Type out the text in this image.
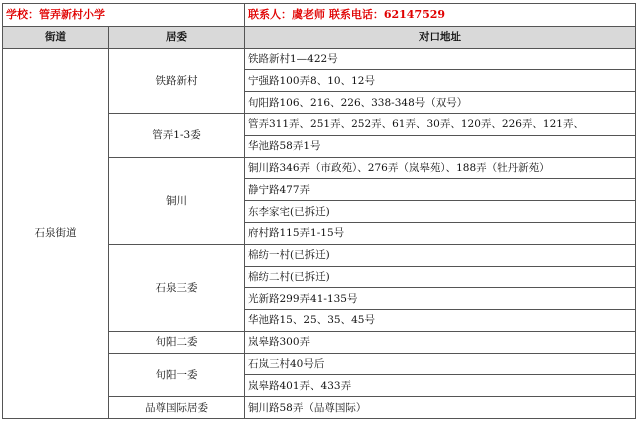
学校：管弄新村小学		联系人：虞老师 联系电话：62147529
街道	居委	对口地址
石泉街道	铁路新村	铁路新村1—422号
		宁强路100弄8、10、12号
		旬阳路106、216、226、338-348号（双号）
	管弄1-3委	管弄311弄、251弄、252弄、61弄、30弄、120弄、226弄、121弄、
		华池路58弄1号
	铜川	铜川路346弄（市政苑）、276弄（岚皋苑）、188弄（牡丹新苑）
		静宁路477弄
		东李家宅(已拆迁)
		府村路115弄1-15号
	石泉三委	棉纺一村(已拆迁)
		棉纺二村(已拆迁)
		光新路299弄41-135号
		华池路15、25、35、45号
	旬阳二委	岚皋路300弄
	旬阳一委	石岚三村40号后
		岚皋路401弄、433弄
	品尊国际居委	铜川路58弄（品尊国际）
